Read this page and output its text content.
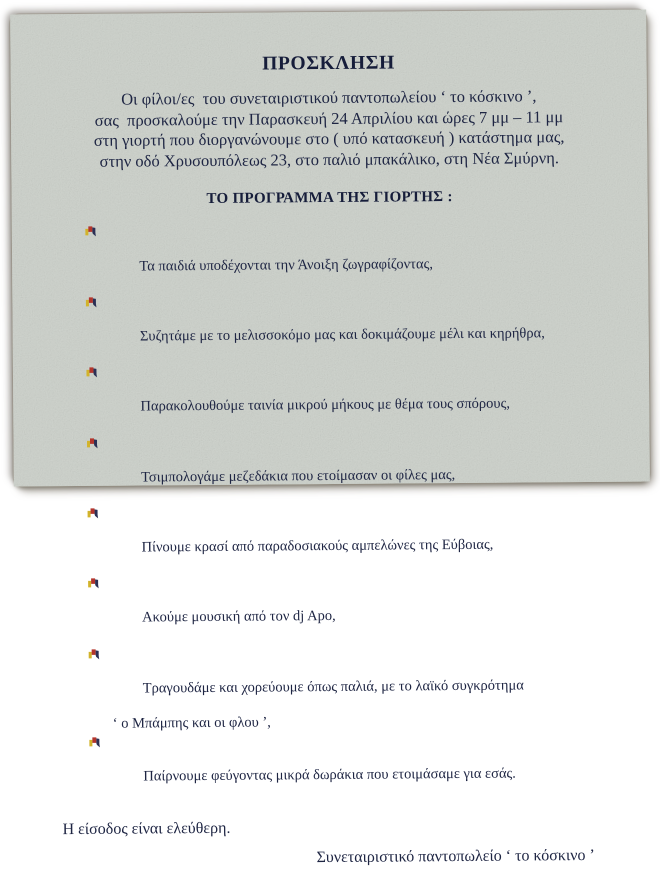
ΠΡΟΣΚΛΗΣΗ
Οι φίλοι/ες  του συνεταιριστικού παντοπωλείου ‘ το κόσκινο ’,
σας  προσκαλούμε την Παρασκευή 24 Απριλίου και ώρες 7 μμ – 11 μμ
στη γιορτή που διοργανώνουμε στο ( υπό κατασκευή ) κατάστημα μας,
στην οδό Χρυσουπόλεως 23, στο παλιό μπακάλικο, στη Νέα Σμύρνη.
ΤΟ ΠΡΟΓΡΑΜΜΑ ΤΗΣ ΓΙΟΡΤΗΣ :

Τα παιδιά υποδέχονται την Άνοιξη ζωγραφίζοντας,

Συζητάμε με το μελισσοκόμο μας και δοκιμάζουμε μέλι και κηρήθρα,

Παρακολουθούμε ταινία μικρού μήκους με θέμα τους σπόρους,

Τσιμπολογάμε μεζεδάκια που ετοίμασαν οι φίλες μας,

Πίνουμε κρασί από παραδοσιακούς αμπελώνες της Εύβοιας,

Ακούμε μουσική από τον dj Apo,

Τραγουδάμε και χορεύουμε όπως παλιά, με το λαϊκό συγκρότημα

‘ ο Μπάμπης και οι φλου ’,

Παίρνουμε φεύγοντας μικρά δωράκια που ετοιμάσαμε για εσάς.

Η είσοδος είναι ελεύθερη.
Συνεταιριστικό παντοπωλείο ‘ το κόσκινο ’
